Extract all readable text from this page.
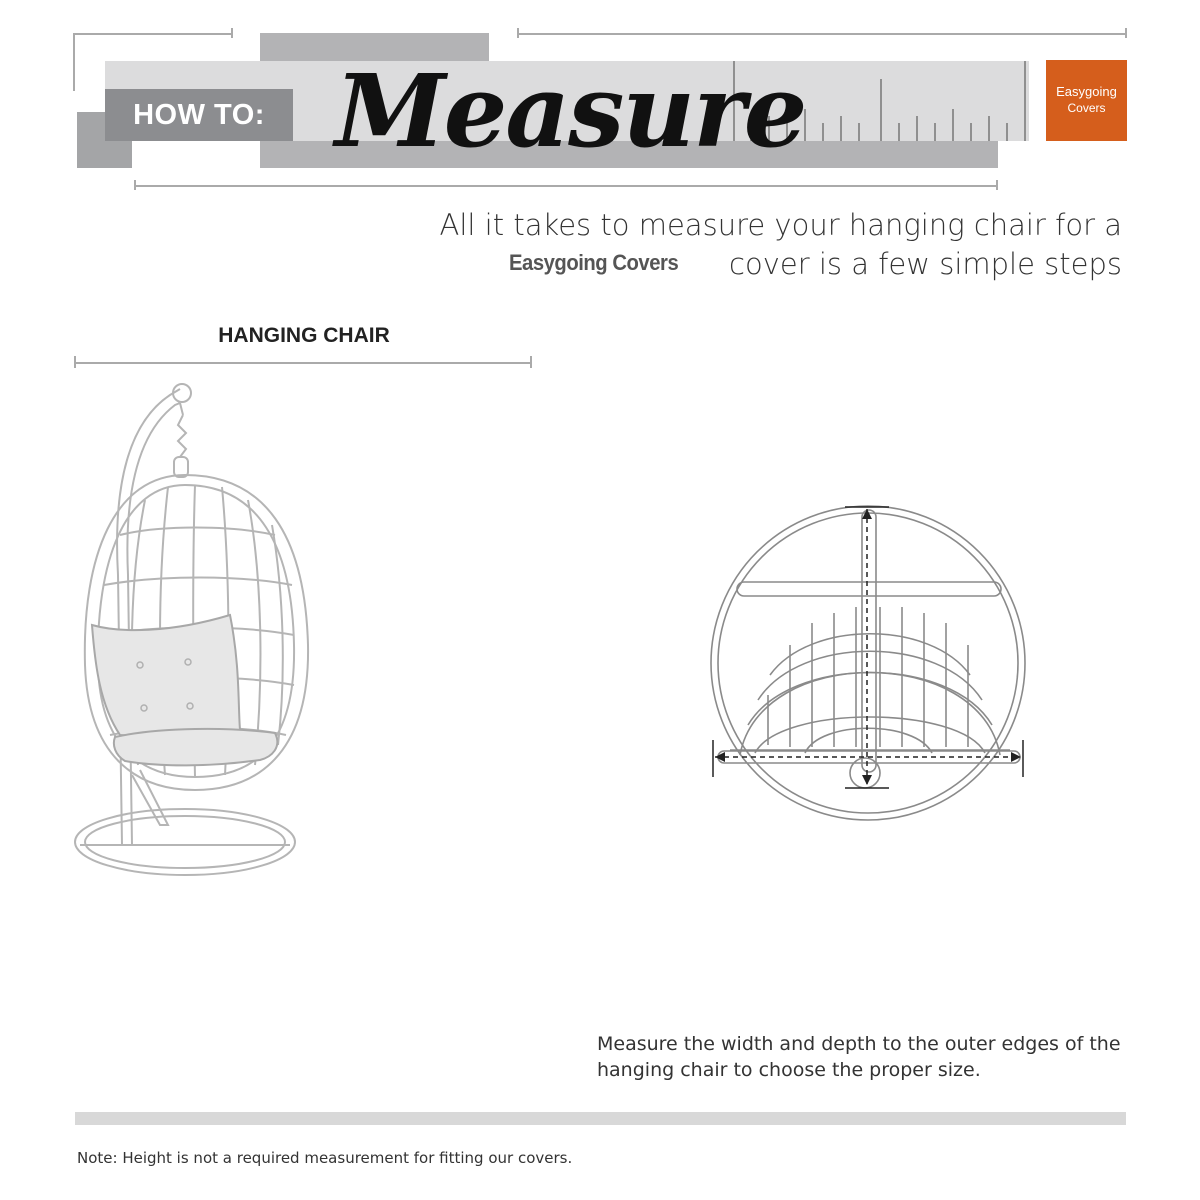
HOW TO: Measure	Easygoing
Covers
All it takes to measure your hanging chair for a
cover is a few simple steps
Easygoing Covers
HANGING CHAIR
Measure the width and depth to the outer edges of the hanging chair to choose the proper size.
Note: Height is not a required measurement for fitting our covers.
